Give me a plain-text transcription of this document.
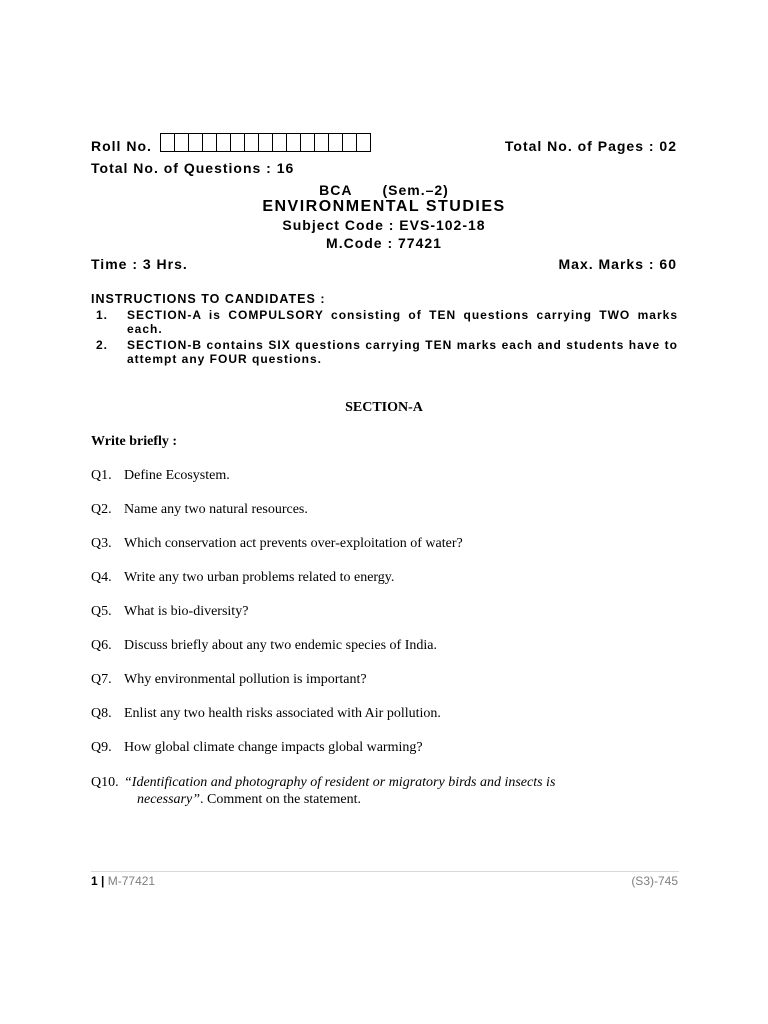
Roll No.	Total No. of Pages : 02
Total No. of Questions : 16
BCA (Sem.–2)
ENVIRONMENTAL STUDIES
Subject Code : EVS-102-18
M.Code : 77421
Time : 3 Hrs.	Max. Marks : 60
INSTRUCTIONS TO CANDIDATES :
1. SECTION-A is COMPULSORY consisting of TEN questions carrying TWO marks each.
2. SECTION-B contains SIX questions carrying TEN marks each and students have to attempt any FOUR questions.
SECTION-A
Write briefly :
Q1. Define Ecosystem.
Q2. Name any two natural resources.
Q3. Which conservation act prevents over-exploitation of water?
Q4. Write any two urban problems related to energy.
Q5. What is bio-diversity?
Q6. Discuss briefly about any two endemic species of India.
Q7. Why environmental pollution is important?
Q8. Enlist any two health risks associated with Air pollution.
Q9. How global climate change impacts global warming?
Q10. “Identification and photography of resident or migratory birds and insects is
necessary”. Comment on the statement.
1 | M-77421	(S3)-745
